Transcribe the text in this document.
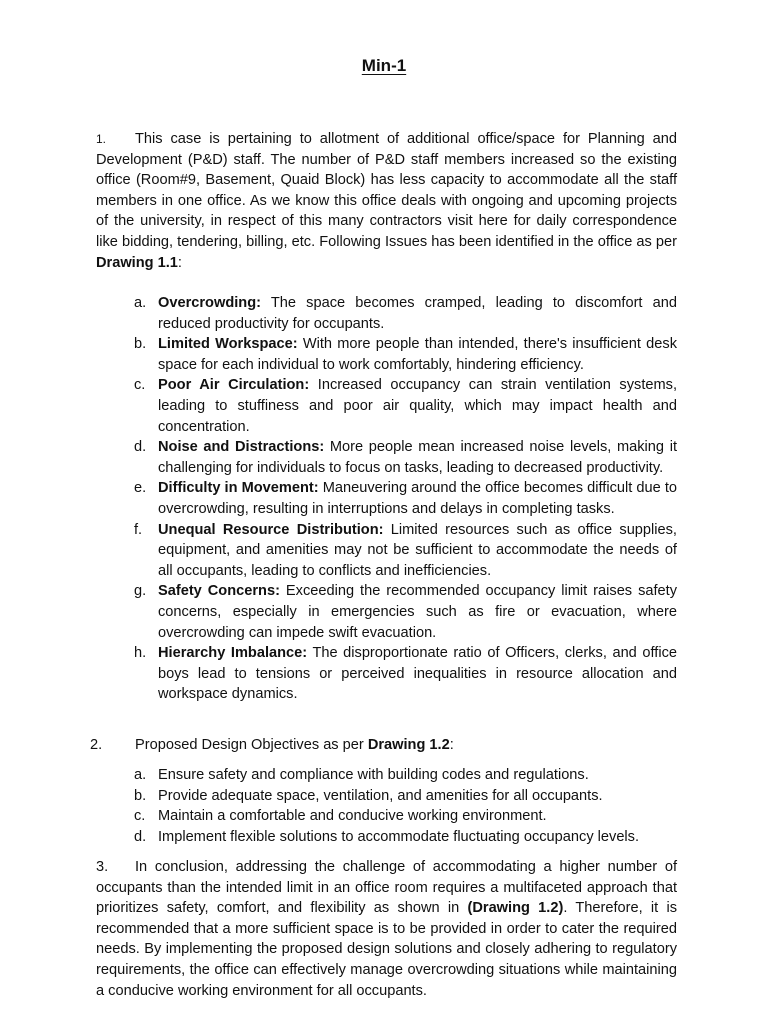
Min-1
1. This case is pertaining to allotment of additional office/space for Planning and Development (P&D) staff. The number of P&D staff members increased so the existing office (Room#9, Basement, Quaid Block) has less capacity to accommodate all the staff members in one office. As we know this office deals with ongoing and upcoming projects of the university, in respect of this many contractors visit here for daily correspondence like bidding, tendering, billing, etc. Following Issues has been identified in the office as per Drawing 1.1:
a. Overcrowding: The space becomes cramped, leading to discomfort and reduced productivity for occupants.
b. Limited Workspace: With more people than intended, there's insufficient desk space for each individual to work comfortably, hindering efficiency.
c. Poor Air Circulation: Increased occupancy can strain ventilation systems, leading to stuffiness and poor air quality, which may impact health and concentration.
d. Noise and Distractions: More people mean increased noise levels, making it challenging for individuals to focus on tasks, leading to decreased productivity.
e. Difficulty in Movement: Maneuvering around the office becomes difficult due to overcrowding, resulting in interruptions and delays in completing tasks.
f. Unequal Resource Distribution: Limited resources such as office supplies, equipment, and amenities may not be sufficient to accommodate the needs of all occupants, leading to conflicts and inefficiencies.
g. Safety Concerns: Exceeding the recommended occupancy limit raises safety concerns, especially in emergencies such as fire or evacuation, where overcrowding can impede swift evacuation.
h. Hierarchy Imbalance: The disproportionate ratio of Officers, clerks, and office boys lead to tensions or perceived inequalities in resource allocation and workspace dynamics.
2. Proposed Design Objectives as per Drawing 1.2:
a. Ensure safety and compliance with building codes and regulations.
b. Provide adequate space, ventilation, and amenities for all occupants.
c. Maintain a comfortable and conducive working environment.
d. Implement flexible solutions to accommodate fluctuating occupancy levels.
3. In conclusion, addressing the challenge of accommodating a higher number of occupants than the intended limit in an office room requires a multifaceted approach that prioritizes safety, comfort, and flexibility as shown in (Drawing 1.2). Therefore, it is recommended that a more sufficient space is to be provided in order to cater the required needs. By implementing the proposed design solutions and closely adhering to regulatory requirements, the office can effectively manage overcrowding situations while maintaining a conducive working environment for all occupants.
